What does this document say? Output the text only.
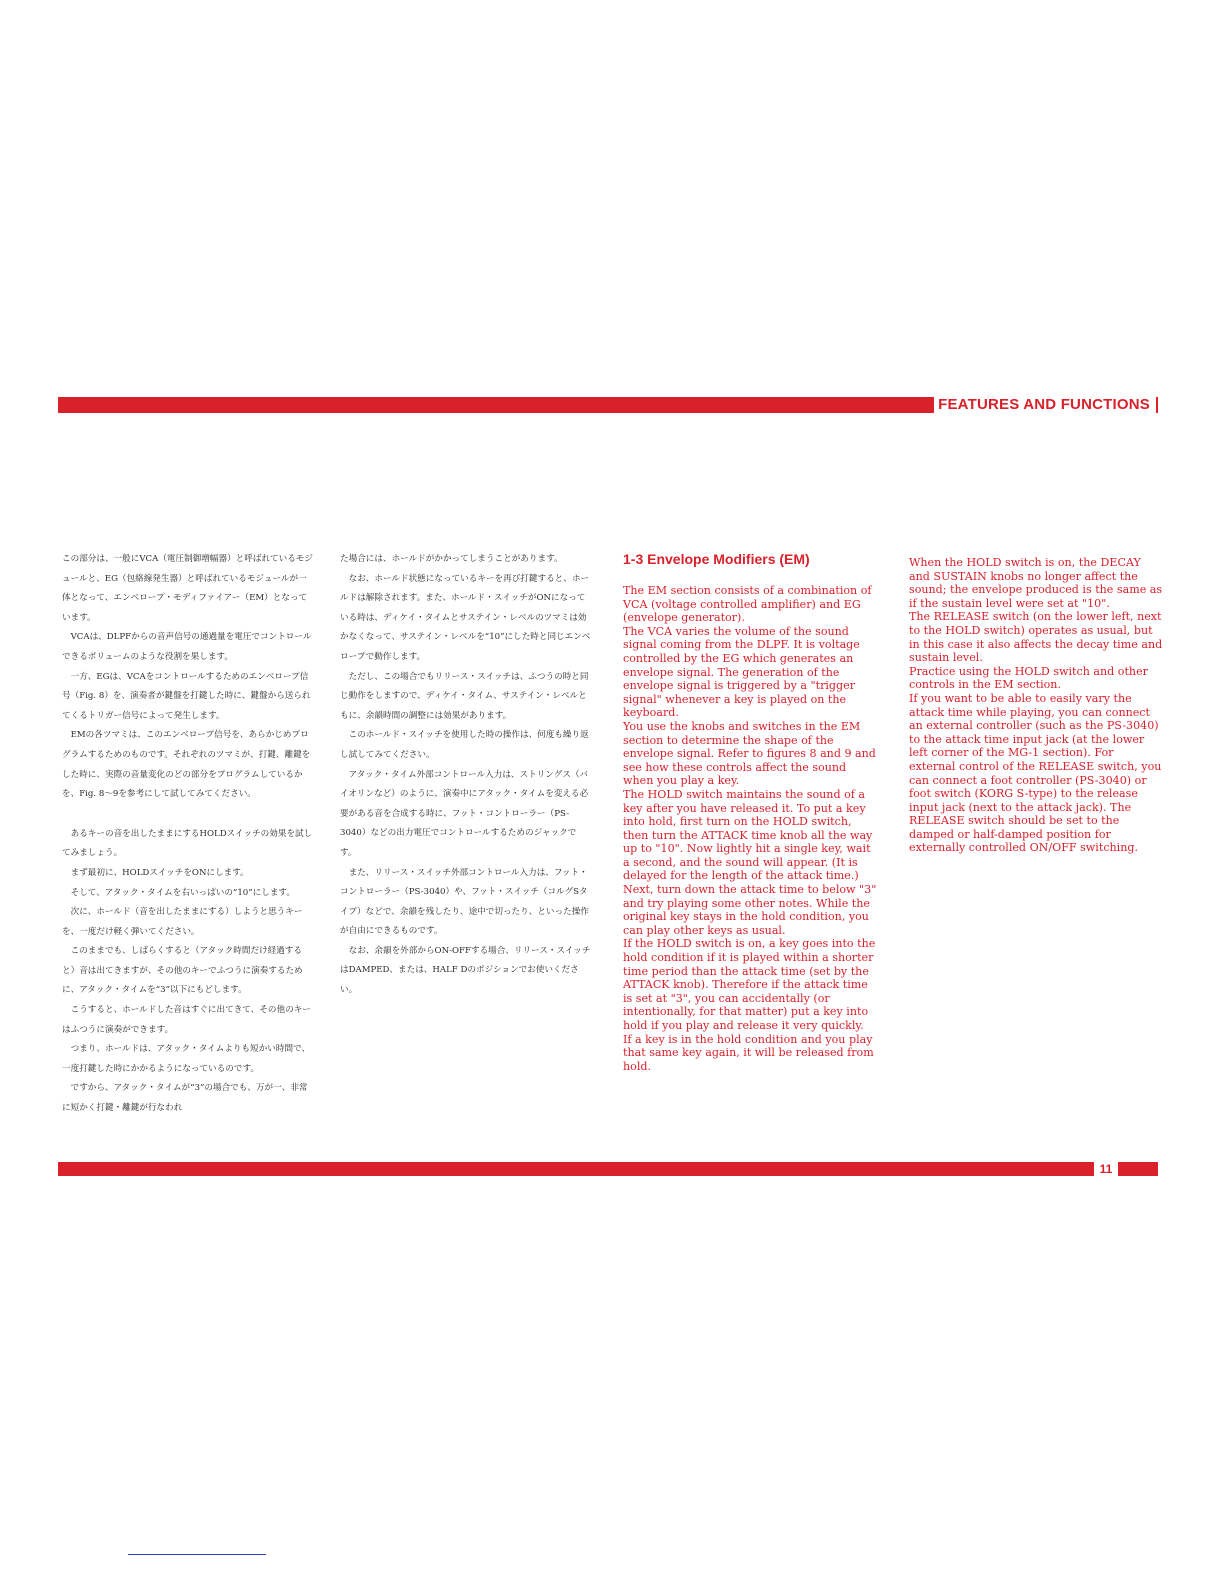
FEATURES AND FUNCTIONS

この部分は、一般にVCA（電圧制御増幅器）と呼ばれているモジュールと、EG（包絡線発生器）と呼ばれているモジュールが一体となって、エンベロープ・モディファイアー（EM）となっています。

VCAは、DLPFからの音声信号の通過量を電圧でコントロールできるボリュームのような役割を果します。

一方、EGは、VCAをコントロールするためのエンベロープ信号（Fig. 8）を、演奏者が鍵盤を打鍵した時に、鍵盤から送られてくるトリガー信号によって発生します。

EMの各ツマミは、このエンベロープ信号を、あらかじめプログラムするためのものです。それぞれのツマミが、打鍵、離鍵をした時に、実際の音量変化のどの部分をプログラムしているかを、Fig. 8～9を参考にして試してみてください。

あるキーの音を出したままにするHOLDスイッチの効果を試してみましょう。

まず最初に、HOLDスイッチをONにします。

そして、アタック・タイムを右いっぱいの“10”にします。

次に、ホールド（音を出したままにする）しようと思うキーを、一度だけ軽く弾いてください。

このままでも、しばらくすると（アタック時間だけ経過すると）音は出てきますが、その他のキーでふつうに演奏するために、アタック・タイムを“3”以下にもどします。

こうすると、ホールドした音はすぐに出てきて、その他のキーはふつうに演奏ができます。

つまり、ホールドは、アタック・タイムよりも短かい時間で、一度打鍵した時にかかるようになっているのです。

ですから、アタック・タイムが“3”の場合でも、万が一、非常に短かく打鍵・離鍵が行なわれ

た場合には、ホールドがかかってしまうことがあります。

なお、ホールド状態になっているキーを再び打鍵すると、ホールドは解除されます。また、ホールド・スイッチがONになっている時は、ディケイ・タイムとサステイン・レベルのツマミは効かなくなって、サステイン・レベルを“10”にした時と同じエンベロープで動作します。

ただし、この場合でもリリース・スイッチは、ふつうの時と同じ動作をしますので、ディケイ・タイム、サステイン・レベルともに、余韻時間の調整には効果があります。

このホールド・スイッチを使用した時の操作は、何度も繰り返し試してみてください。

アタック・タイム外部コントロール入力は、ストリングス（バイオリンなど）のように、演奏中にアタック・タイムを変える必要がある音を合成する時に、フット・コントローラー（PS-3040）などの出力電圧でコントロールするためのジャックです。

また、リリース・スイッチ外部コントロール入力は、フット・コントローラー（PS-3040）や、フット・スイッチ（コルグSタイプ）などで、余韻を残したり、途中で切ったり、といった操作が自由にできるものです。

なお、余韻を外部からON-OFFする場合、リリース・スイッチはDAMPED、または、HALF Dのポジションでお使いください。

1-3 Envelope Modifiers (EM)

The EM section consists of a combination of VCA (voltage controlled amplifier) and EG (envelope generator).

The VCA varies the volume of the sound signal coming from the DLPF. It is voltage controlled by the EG which generates an envelope signal. The generation of the envelope signal is triggered by a "trigger signal" whenever a key is played on the keyboard.

You use the knobs and switches in the EM section to determine the shape of the envelope signal. Refer to figures 8 and 9 and see how these controls affect the sound when you play a key.

The HOLD switch maintains the sound of a key after you have released it. To put a key into hold, first turn on the HOLD switch, then turn the ATTACK time knob all the way up to "10". Now lightly hit a single key, wait a second, and the sound will appear. (It is delayed for the length of the attack time.) Next, turn down the attack time to below "3" and try playing some other notes. While the original key stays in the hold condition, you can play other keys as usual.

If the HOLD switch is on, a key goes into the hold condition if it is played within a shorter time period than the attack time (set by the ATTACK knob). Therefore if the attack time is set at "3", you can accidentally (or intentionally, for that matter) put a key into hold if you play and release it very quickly.

If a key is in the hold condition and you play that same key again, it will be released from hold.

When the HOLD switch is on, the DECAY and SUSTAIN knobs no longer affect the sound; the envelope produced is the same as if the sustain level were set at "10".

The RELEASE switch (on the lower left, next to the HOLD switch) operates as usual, but in this case it also affects the decay time and sustain level.

Practice using the HOLD switch and other controls in the EM section.

If you want to be able to easily vary the attack time while playing, you can connect an external controller (such as the PS-3040) to the attack time input jack (at the lower left corner of the MG-1 section). For external control of the RELEASE switch, you can connect a foot controller (PS-3040) or foot switch (KORG S-type) to the release input jack (next to the attack jack). The RELEASE switch should be set to the damped or half-damped position for externally controlled ON/OFF switching.

11
